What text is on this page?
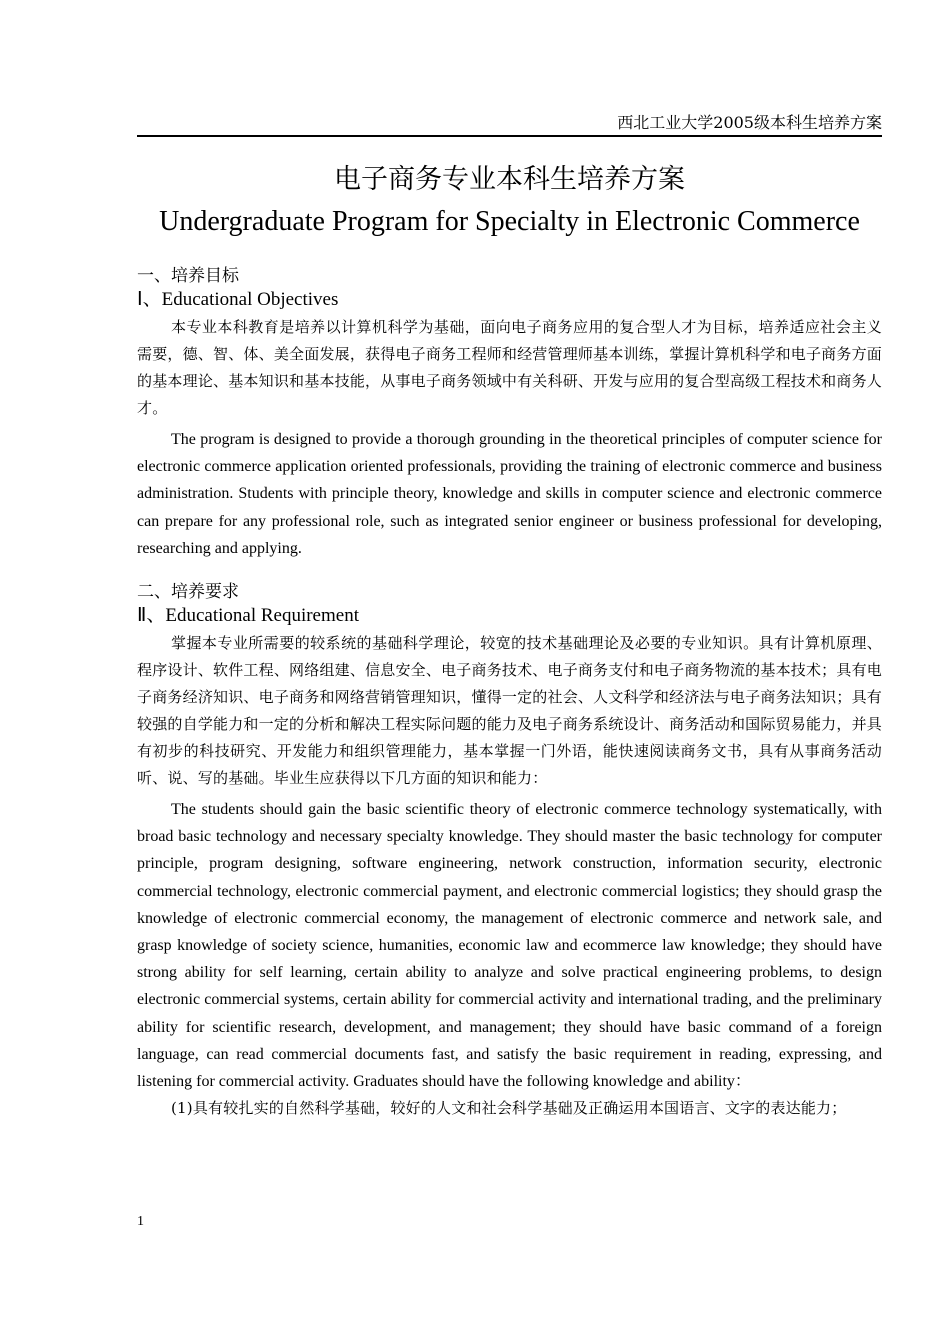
西北工业大学2005级本科生培养方案
电子商务专业本科生培养方案
Undergraduate Program for Specialty in Electronic Commerce

一、培养目标

Ⅰ、Educational Objectives

本专业本科教育是培养以计算机科学为基础，面向电子商务应用的复合型人才为目标，培养适应社会主义需要，德、智、体、美全面发展，获得电子商务工程师和经营管理师基本训练，掌握计算机科学和电子商务方面的基本理论、基本知识和基本技能，从事电子商务领域中有关科研、开发与应用的复合型高级工程技术和商务人才。

The program is designed to provide a thorough grounding in the theoretical principles of computer science for electronic commerce application oriented professionals, providing the training of electronic commerce and business administration. Students with principle theory, knowledge and skills in computer science and electronic commerce can prepare for any professional role, such as integrated senior engineer or business professional for developing, researching and applying.

二、培养要求

Ⅱ、Educational Requirement

掌握本专业所需要的较系统的基础科学理论，较宽的技术基础理论及必要的专业知识。具有计算机原理、程序设计、软件工程、网络组建、信息安全、电子商务技术、电子商务支付和电子商务物流的基本技术；具有电子商务经济知识、电子商务和网络营销管理知识，懂得一定的社会、人文科学和经济法与电子商务法知识；具有较强的自学能力和一定的分析和解决工程实际问题的能力及电子商务系统设计、商务活动和国际贸易能力，并具有初步的科技研究、开发能力和组织管理能力，基本掌握一门外语，能快速阅读商务文书，具有从事商务活动听、说、写的基础。毕业生应获得以下几方面的知识和能力：

The students should gain the basic scientific theory of electronic commerce technology systematically, with broad basic technology and necessary specialty knowledge. They should master the basic technology for computer principle, program designing, software engineering, network construction, information security, electronic commercial technology, electronic commercial payment, and electronic commercial logistics; they should grasp the knowledge of electronic commercial economy, the management of electronic commerce and network sale, and grasp knowledge of society science, humanities, economic law and ecommerce law knowledge; they should have strong ability for self learning, certain ability to analyze and solve practical engineering problems, to design electronic commercial systems, certain ability for commercial activity and international trading, and the preliminary ability for scientific research, development, and management; they should have basic command of a foreign language, can read commercial documents fast, and satisfy the basic requirement in reading, expressing, and listening for commercial activity. Graduates should have the following knowledge and ability：

(1)具有较扎实的自然科学基础，较好的人文和社会科学基础及正确运用本国语言、文字的表达能力；

1
